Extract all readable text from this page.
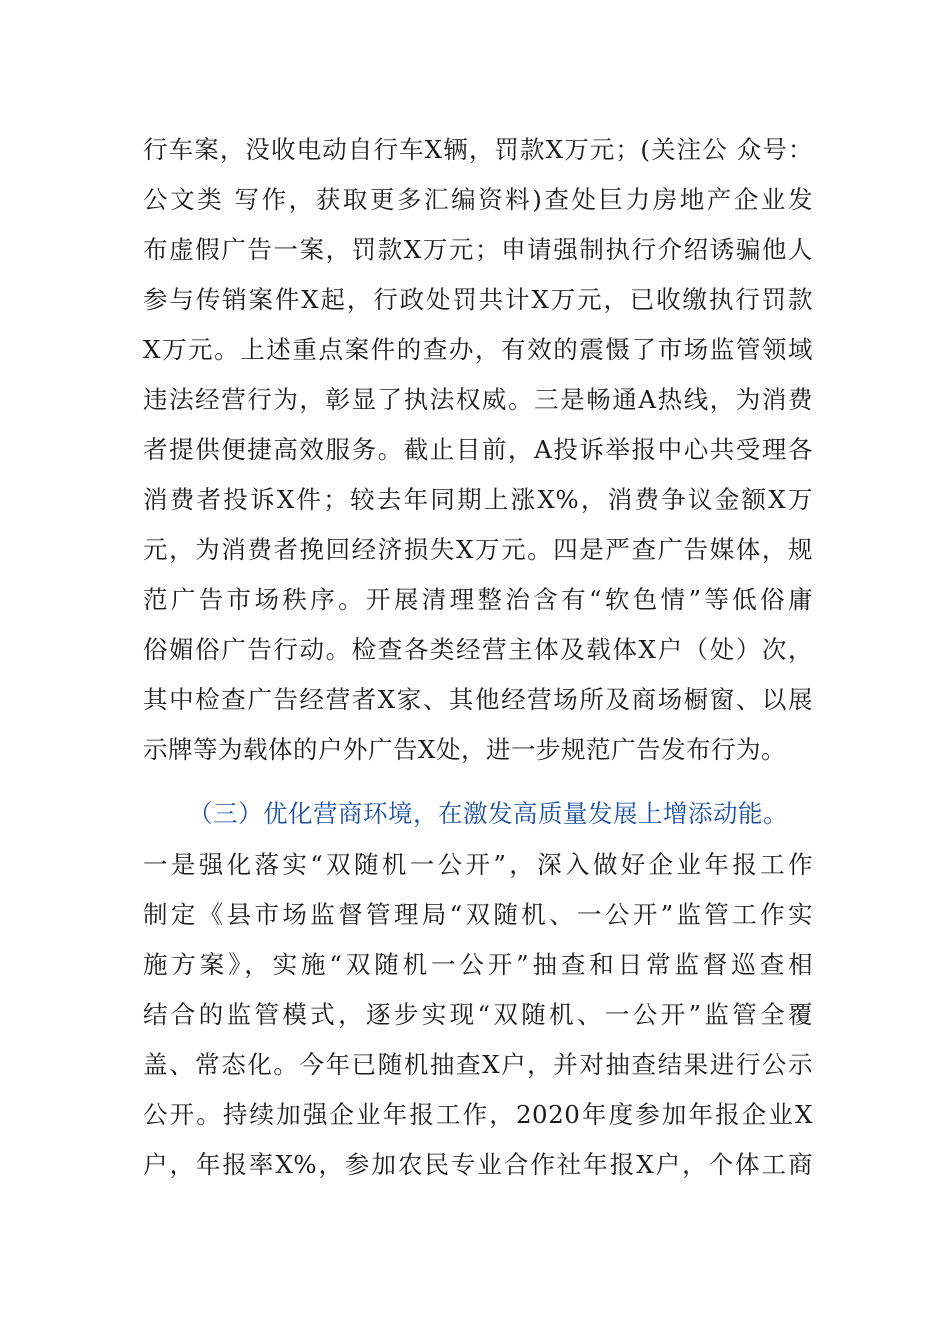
行车案，没收电动自行车X辆，罚款X万元；(关注公 众号：
公文类 写作，获取更多汇编资料)查处巨力房地产企业发
布虚假广告一案，罚款X万元；申请强制执行介绍诱骗他人
参与传销案件X起，行政处罚共计X万元，已收缴执行罚款
X万元。上述重点案件的查办，有效的震慑了市场监管领域
违法经营行为，彰显了执法权威。三是畅通A热线，为消费
者提供便捷高效服务。截止目前，A投诉举报中心共受理各
消费者投诉X件；较去年同期上涨X%，消费争议金额X万
元，为消费者挽回经济损失X万元。四是严查广告媒体，规
范广告市场秩序。开展清理整治含有“软色情”等低俗庸
俗媚俗广告行动。检查各类经营主体及载体X户（处）次，
其中检查广告经营者X家、其他经营场所及商场橱窗、以展
示牌等为载体的户外广告X处，进一步规范广告发布行为。
（三）优化营商环境，在激发高质量发展上增添动能。
一是强化落实“双随机一公开”，深入做好企业年报工作
制定《县市场监督管理局“双随机、一公开”监管工作实
施方案》，实施“双随机一公开”抽查和日常监督巡查相
结合的监管模式，逐步实现“双随机、一公开”监管全覆
盖、常态化。今年已随机抽查X户，并对抽查结果进行公示
公开。持续加强企业年报工作，2020年度参加年报企业X
户，年报率X%，参加农民专业合作社年报X户，个体工商
